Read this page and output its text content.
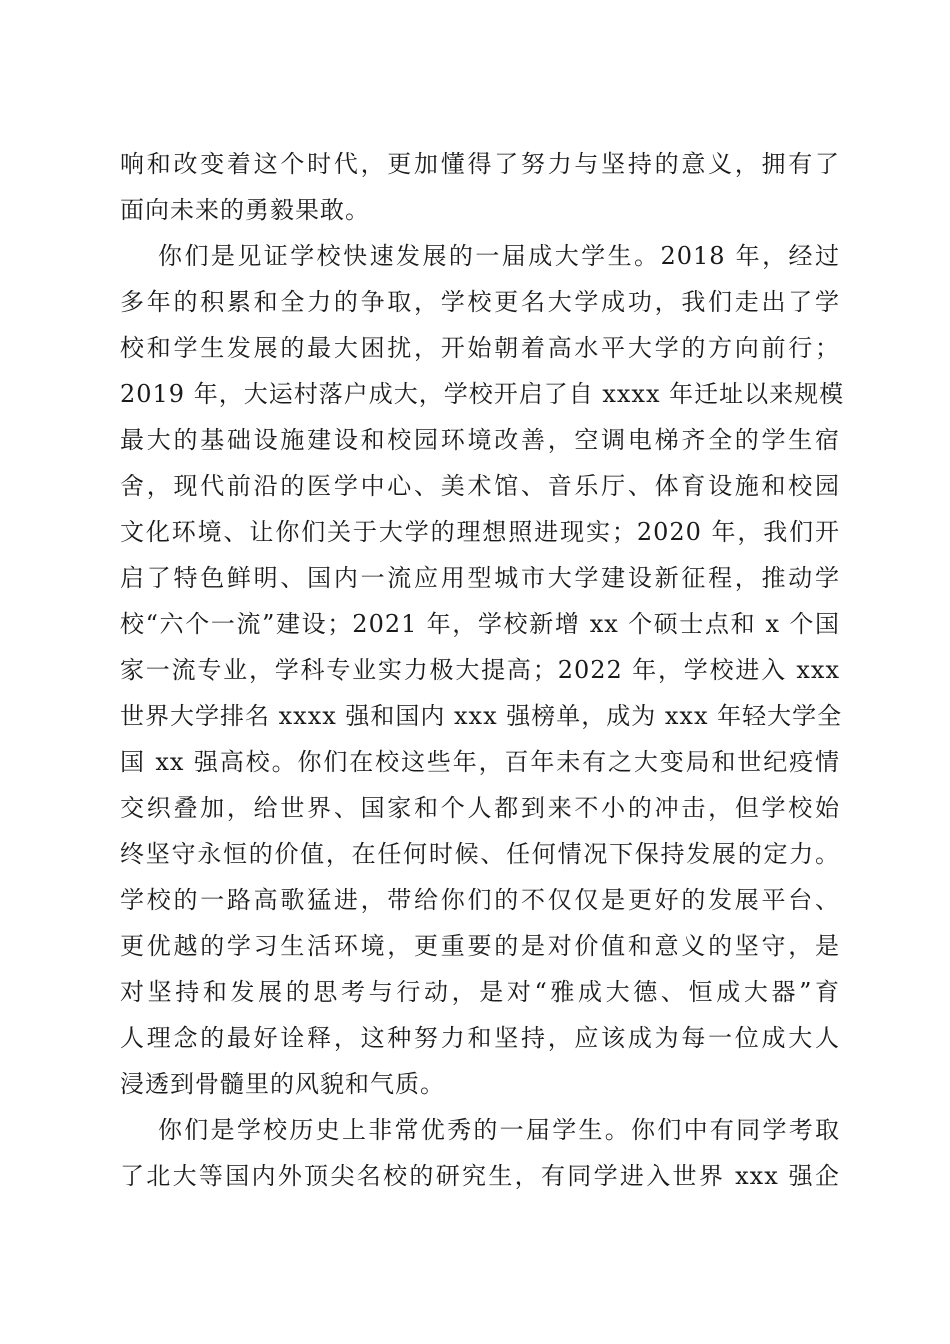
响和改变着这个时代，更加懂得了努力与坚持的意义，拥有了
面向未来的勇毅果敢。
你们是见证学校快速发展的一届成大学生。2018 年，经过
多年的积累和全力的争取，学校更名大学成功，我们走出了学
校和学生发展的最大困扰，开始朝着高水平大学的方向前行；
2019 年，大运村落户成大，学校开启了自 xxxx 年迁址以来规模
最大的基础设施建设和校园环境改善，空调电梯齐全的学生宿
舍，现代前沿的医学中心、美术馆、音乐厅、体育设施和校园
文化环境、让你们关于大学的理想照进现实；2020 年，我们开
启了特色鲜明、国内一流应用型城市大学建设新征程，推动学
校“六个一流”建设；2021 年，学校新增 xx 个硕士点和 x 个国
家一流专业，学科专业实力极大提高；2022 年，学校进入 xxx
世界大学排名 xxxx 强和国内 xxx 强榜单，成为 xxx 年轻大学全
国 xx 强高校。你们在校这些年，百年未有之大变局和世纪疫情
交织叠加，给世界、国家和个人都到来不小的冲击，但学校始
终坚守永恒的价值，在任何时候、任何情况下保持发展的定力。
学校的一路高歌猛进，带给你们的不仅仅是更好的发展平台、
更优越的学习生活环境，更重要的是对价值和意义的坚守，是
对坚持和发展的思考与行动，是对“雅成大德、恒成大器”育
人理念的最好诠释，这种努力和坚持，应该成为每一位成大人
浸透到骨髓里的风貌和气质。
你们是学校历史上非常优秀的一届学生。你们中有同学考取
了北大等国内外顶尖名校的研究生，有同学进入世界 xxx 强企
